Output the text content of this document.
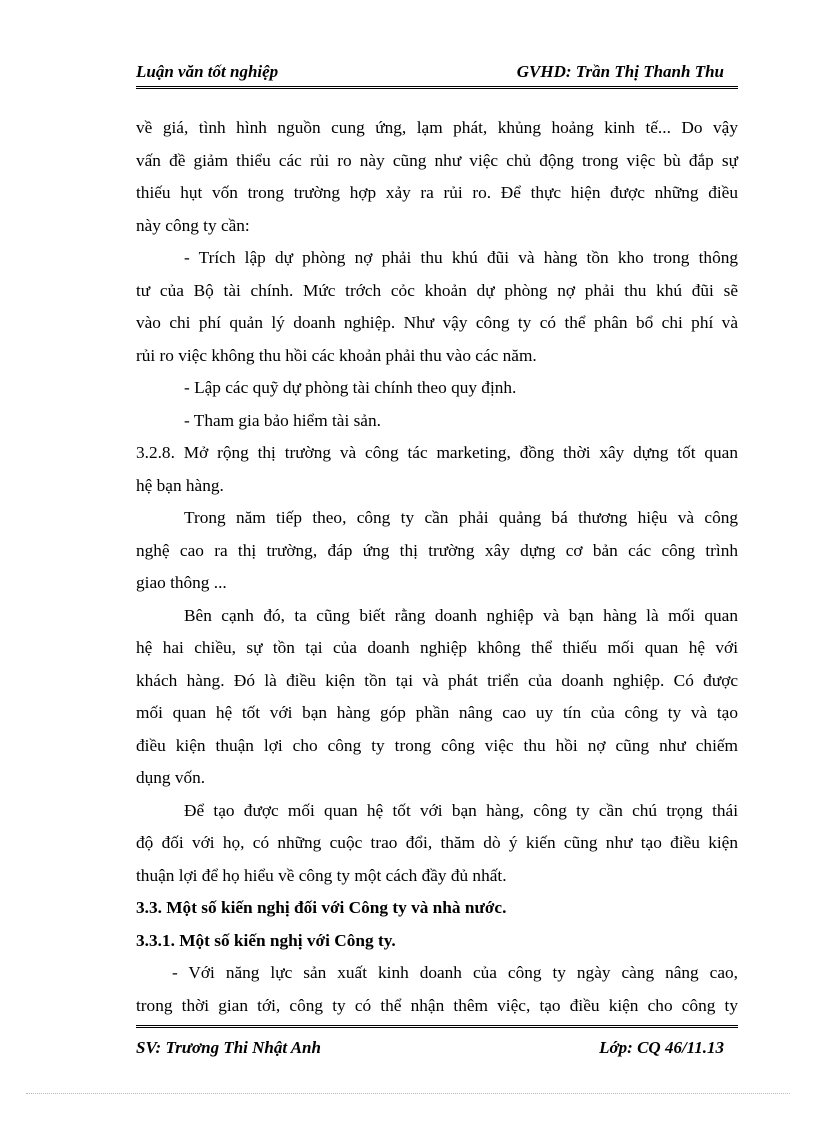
Luận văn tốt nghiệp	GVHD: Trần Thị Thanh Thu
về giá, tình hình nguồn cung ứng, lạm phát, khủng hoảng kinh tế... Do vậy
vấn đề giảm thiểu các rủi ro này cũng như việc chủ động trong việc bù đắp sự
thiếu hụt vốn trong trường hợp xảy ra rủi ro. Để thực hiện được những điều
này công ty cần:
- Trích lập dự phòng nợ phải thu khú đũi và hàng tồn kho trong thông
tư của Bộ tài chính. Mức trớch cỏc khoản dự phòng nợ phải thu khú đũi sẽ
vào chi phí quản lý doanh nghiệp. Như vậy công ty có thể phân bổ chi phí và
rủi ro việc không thu hồi các khoản phải thu vào các năm.
- Lập các quỹ dự phòng tài chính theo quy định.
- Tham gia bảo hiểm tài sản.
3.2.8. Mở rộng thị trường và công tác marketing, đồng thời xây dựng tốt quan
hệ bạn hàng.
Trong năm tiếp theo, công ty cần phải quảng bá thương hiệu và công
nghệ cao ra thị trường, đáp ứng thị trường xây dựng cơ bản các công trình
giao thông ...
Bên cạnh đó, ta cũng biết rằng doanh nghiệp và bạn hàng là mối quan
hệ hai chiều, sự tồn tại của doanh nghiệp không thể thiếu mối quan hệ với
khách hàng. Đó là điều kiện tồn tại và phát triển của doanh nghiệp. Có được
mối quan hệ tốt với bạn hàng góp phần nâng cao uy tín của công ty và tạo
điều kiện thuận lợi cho công ty trong công việc thu hồi nợ cũng như chiếm
dụng vốn.
Để tạo được mối quan hệ tốt với bạn hàng, công ty cần chú trọng thái
độ đối với họ, có những cuộc trao đổi, thăm dò ý kiến cũng như tạo điều kiện
thuận lợi để họ hiểu về công ty một cách đầy đủ nhất.
3.3. Một số kiến nghị đối với Công ty và nhà nước.
3.3.1. Một số kiến nghị với Công ty.
- Với năng lực sản xuất kinh doanh của công ty ngày càng nâng cao,
trong thời gian tới, công ty có thể nhận thêm việc, tạo điều kiện cho công ty
SV: Trương Thi Nhật Anh	Lớp: CQ 46/11.13
